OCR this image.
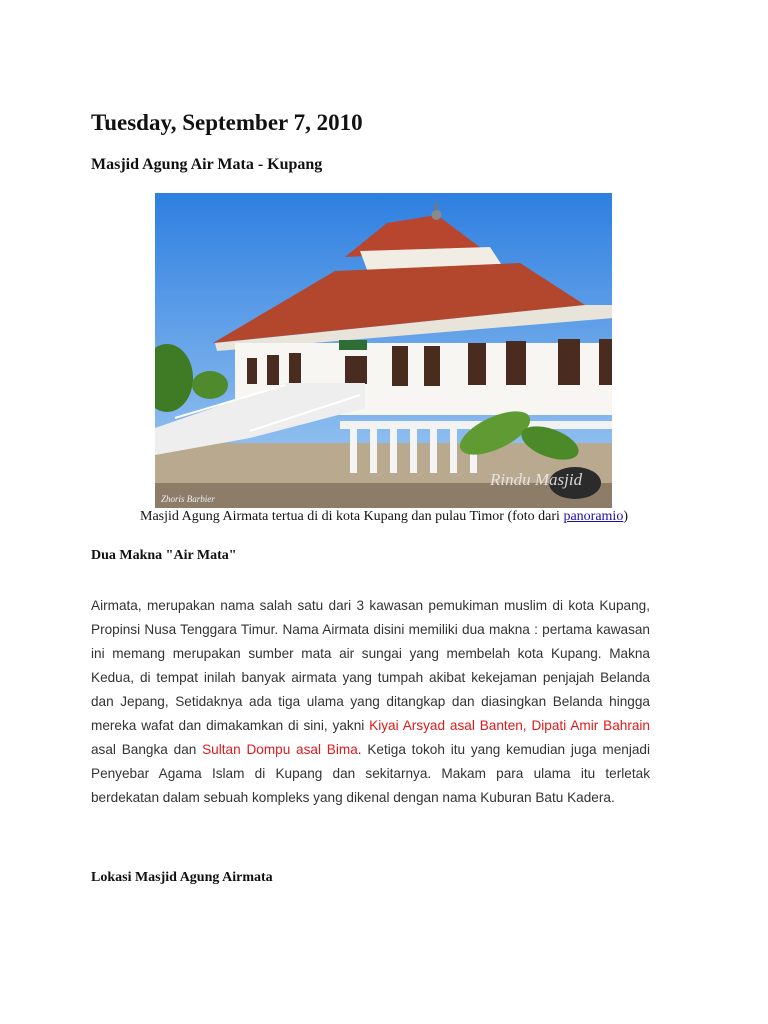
Tuesday, September 7, 2010
Masjid Agung Air Mata - Kupang
Zhoris Barbier
Rindu Masjid
Masjid Agung Airmata tertua di di kota Kupang dan pulau Timor (foto dari panoramio)
Dua Makna "Air Mata"

Airmata, merupakan nama salah satu dari 3 kawasan pemukiman muslim di kota Kupang, Propinsi Nusa Tenggara Timur. Nama Airmata disini memiliki dua makna : pertama kawasan ini memang merupakan sumber mata air sungai yang membelah kota Kupang. Makna Kedua, di tempat inilah banyak airmata yang tumpah akibat kekejaman penjajah Belanda dan Jepang, Setidaknya ada tiga ulama yang ditangkap dan diasingkan Belanda hingga mereka wafat dan dimakamkan di sini, yakni Kiyai Arsyad asal Banten, Dipati Amir Bahrain asal Bangka dan Sultan Dompu asal Bima. Ketiga tokoh itu yang kemudian juga menjadi Penyebar Agama Islam di Kupang dan sekitarnya. Makam para ulama itu terletak berdekatan dalam sebuah kompleks yang dikenal dengan nama Kuburan Batu Kadera.

Lokasi Masjid Agung Airmata
